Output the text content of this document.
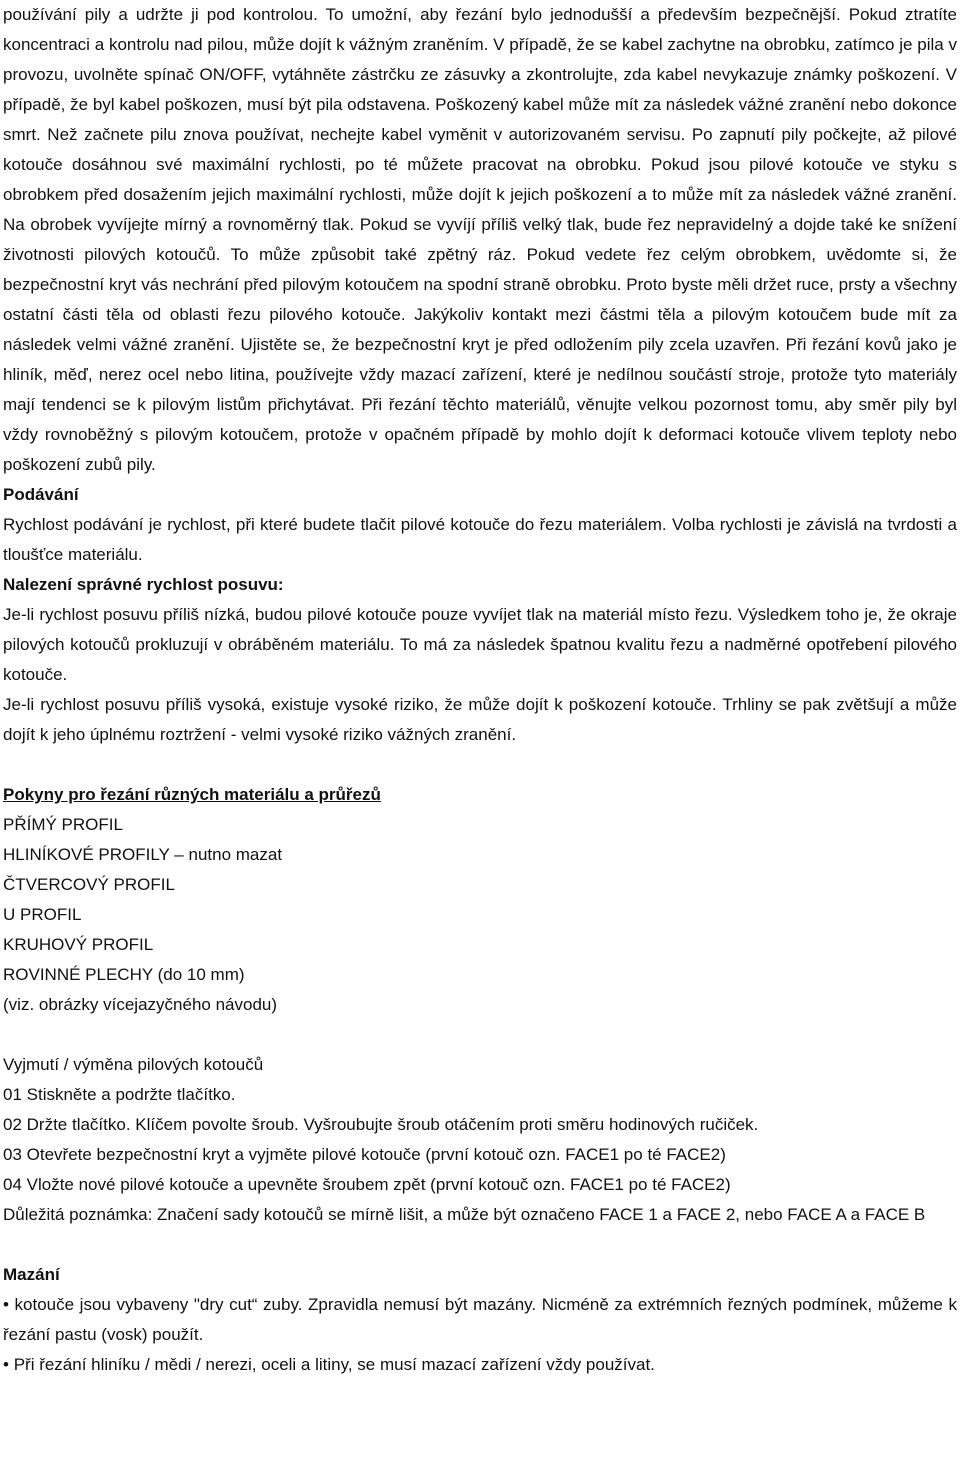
používání pily a udržte ji pod kontrolou. To umožní, aby řezání bylo jednodušší a především bezpečnější. Pokud ztratíte koncentraci a kontrolu nad pilou, může dojít k vážným zraněním. V případě, že se kabel zachytne na obrobku, zatímco je pila v provozu, uvolněte spínač ON/OFF, vytáhněte zástrčku ze zásuvky a zkontrolujte, zda kabel nevykazuje známky poškození. V případě, že byl kabel poškozen, musí být pila odstavena. Poškozený kabel může mít za následek vážné zranění nebo dokonce smrt. Než začnete pilu znova používat, nechejte kabel vyměnit v autorizovaném servisu. Po zapnutí pily počkejte, až pilové kotouče dosáhnou své maximální rychlosti, po té můžete pracovat na obrobku. Pokud jsou pilové kotouče ve styku s obrobkem před dosažením jejich maximální rychlosti, může dojít k jejich poškození a to může mít za následek vážné zranění. Na obrobek vyvíjejte mírný a rovnoměrný tlak. Pokud se vyvíjí příliš velký tlak, bude řez nepravidelný a dojde také ke snížení životnosti pilových kotoučů. To může způsobit také zpětný ráz. Pokud vedete řez celým obrobkem, uvědomte si, že bezpečnostní kryt vás nechrání před pilovým kotoučem na spodní straně obrobku. Proto byste měli držet ruce, prsty a všechny ostatní části těla od oblasti řezu pilového kotouče. Jakýkoliv kontakt mezi částmi těla a pilovým kotoučem bude mít za následek velmi vážné zranění. Ujistěte se, že bezpečnostní kryt je před odložením pily zcela uzavřen. Při řezání kovů jako je hliník, měď, nerez ocel nebo litina, používejte vždy mazací zařízení, které je nedílnou součástí stroje, protože tyto materiály mají tendenci se k pilovým listům přichytávat. Při řezání těchto materiálů, věnujte velkou pozornost tomu, aby směr pily byl vždy rovnoběžný s pilovým kotoučem, protože v opačném případě by mohlo dojít k deformaci kotouče vlivem teploty nebo poškození zubů pily.

Podávání

Rychlost podávání je rychlost, při které budete tlačit pilové kotouče do řezu materiálem. Volba rychlosti je závislá na tvrdosti a tloušťce materiálu.

Nalezení správné rychlost posuvu:

Je-li rychlost posuvu příliš nízká, budou pilové kotouče pouze vyvíjet tlak na materiál místo řezu. Výsledkem toho je, že okraje pilových kotoučů prokluzují v obráběném materiálu. To má za následek špatnou kvalitu řezu a nadměrné opotřebení pilového kotouče.

Je-li rychlost posuvu příliš vysoká, existuje vysoké riziko, že může dojít k poškození kotouče. Trhliny se pak zvětšují a může dojít k jeho úplnému roztržení - velmi vysoké riziko vážných zranění.

Pokyny pro řezání různých materiálu a průřezů

PŘÍMÝ PROFIL

HLINÍKOVÉ PROFILY – nutno mazat

ČTVERCOVÝ PROFIL

U PROFIL

KRUHOVÝ PROFIL

ROVINNÉ PLECHY (do 10 mm)

(viz. obrázky vícejazyčného návodu)

Vyjmutí / výměna pilových kotoučů

01 Stiskněte a podržte tlačítko.

02 Držte tlačítko. Klíčem povolte šroub. Vyšroubujte šroub otáčením proti směru hodinových ručiček.

03 Otevřete bezpečnostní kryt a vyjměte pilové kotouče (první kotouč ozn. FACE1 po té FACE2)

04 Vložte nové pilové kotouče a upevněte šroubem zpět (první kotouč ozn. FACE1 po té FACE2)

Důležitá poznámka: Značení sady kotoučů se mírně lišit, a může být označeno FACE 1 a FACE 2, nebo FACE A a FACE B

Mazání

• kotouče jsou vybaveny "dry cut“ zuby. Zpravidla nemusí být mazány. Nicméně za extrémních řezných podmínek, můžeme k řezání pastu (vosk) použít.

• Při řezání hliníku / mědi / nerezi, oceli a litiny, se musí mazací zařízení vždy používat.
